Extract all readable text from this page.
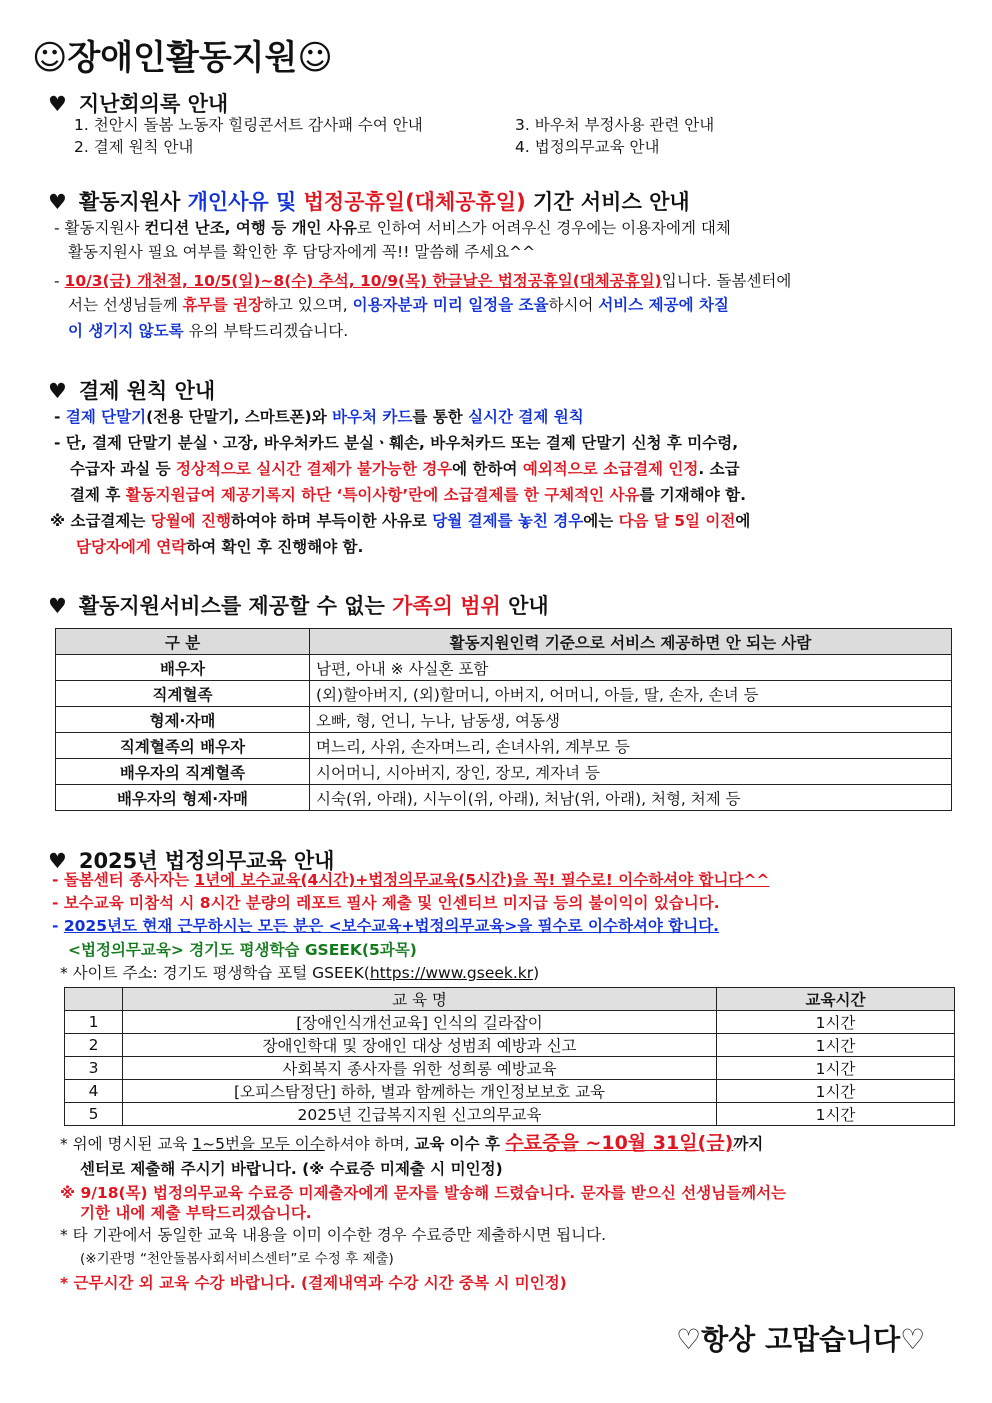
☺장애인활동지원☺
♥ 지난회의록 안내
1. 천안시 돌봄 노동자 힐링콘서트 감사패 수여 안내	3. 바우처 부정사용 관련 안내
2. 결제 원칙 안내	4. 법정의무교육 안내
♥ 활동지원사 개인사유 및 법정공휴일(대체공휴일) 기간 서비스 안내
- 활동지원사 컨디션 난조, 여행 등 개인 사유로 인하여 서비스가 어려우신 경우에는 이용자에게 대체
활동지원사 필요 여부를 확인한 후 담당자에게 꼭!! 말씀해 주세요^^
- 10/3(금) 개천절, 10/5(일)~8(수) 추석, 10/9(목) 한글날은 법정공휴일(대체공휴일)입니다. 돌봄센터에
서는 선생님들께 휴무를 권장하고 있으며, 이용자분과 미리 일정을 조율하시어 서비스 제공에 차질
이 생기지 않도록 유의 부탁드리겠습니다.
♥ 결제 원칙 안내
- 결제 단말기(전용 단말기, 스마트폰)와 바우처 카드를 통한 실시간 결제 원칙
- 단, 결제 단말기 분실ㆍ고장, 바우처카드 분실ㆍ훼손, 바우처카드 또는 결제 단말기 신청 후 미수령,
수급자 과실 등 정상적으로 실시간 결제가 불가능한 경우에 한하여 예외적으로 소급결제 인정. 소급
결제 후 활동지원급여 제공기록지 하단 ‘특이사항’란에 소급결제를 한 구체적인 사유를 기재해야 함.
※ 소급결제는 당월에 진행하여야 하며 부득이한 사유로 당월 결제를 놓친 경우에는 다음 달 5일 이전에
담당자에게 연락하여 확인 후 진행해야 함.
♥ 활동지원서비스를 제공할 수 없는 가족의 범위 안내
구 분	활동지원인력 기준으로 서비스 제공하면 안 되는 사람
배우자	남편, 아내 ※ 사실혼 포함
직계혈족	(외)할아버지, (외)할머니, 아버지, 어머니, 아들, 딸, 손자, 손녀 등
형제·자매	오빠, 형, 언니, 누나, 남동생, 여동생
직계혈족의 배우자	며느리, 사위, 손자며느리, 손녀사위, 계부모 등
배우자의 직계혈족	시어머니, 시아버지, 장인, 장모, 계자녀 등
배우자의 형제·자매	시숙(위, 아래), 시누이(위, 아래), 처남(위, 아래), 처형, 처제 등
♥ 2025년 법정의무교육 안내
- 돌봄센터 종사자는 1년에 보수교육(4시간)+법정의무교육(5시간)을 꼭! 필수로! 이수하셔야 합니다^^
- 보수교육 미참석 시 8시간 분량의 레포트 필사 제출 및 인센티브 미지급 등의 불이익이 있습니다.
- 2025년도 현재 근무하시는 모든 분은 <보수교육+법정의무교육>을 필수로 이수하셔야 합니다.
<법정의무교육> 경기도 평생학습 GSEEK(5과목)
* 사이트 주소: 경기도 평생학습 포털 GSEEK(https://www.gseek.kr)
	교 육 명	교육시간
1	[장애인식개선교육] 인식의 길라잡이	1시간
2	장애인학대 및 장애인 대상 성범죄 예방과 신고	1시간
3	사회복지 종사자를 위한 성희롱 예방교육	1시간
4	[오피스탐정단] 하하, 별과 함께하는 개인정보보호 교육	1시간
5	2025년 긴급복지지원 신고의무교육	1시간
* 위에 명시된 교육 1~5번을 모두 이수하셔야 하며, 교육 이수 후 수료증을 ~10월 31일(금)까지
센터로 제출해 주시기 바랍니다. (※ 수료증 미제출 시 미인정)
※ 9/18(목) 법정의무교육 수료증 미제출자에게 문자를 발송해 드렸습니다. 문자를 받으신 선생님들께서는
기한 내에 제출 부탁드리겠습니다.
* 타 기관에서 동일한 교육 내용을 이미 이수한 경우 수료증만 제출하시면 됩니다.
(※기관명 “천안돌봄사회서비스센터”로 수정 후 제출)
* 근무시간 외 교육 수강 바랍니다. (결제내역과 수강 시간 중복 시 미인정)
♡항상 고맙습니다♡
